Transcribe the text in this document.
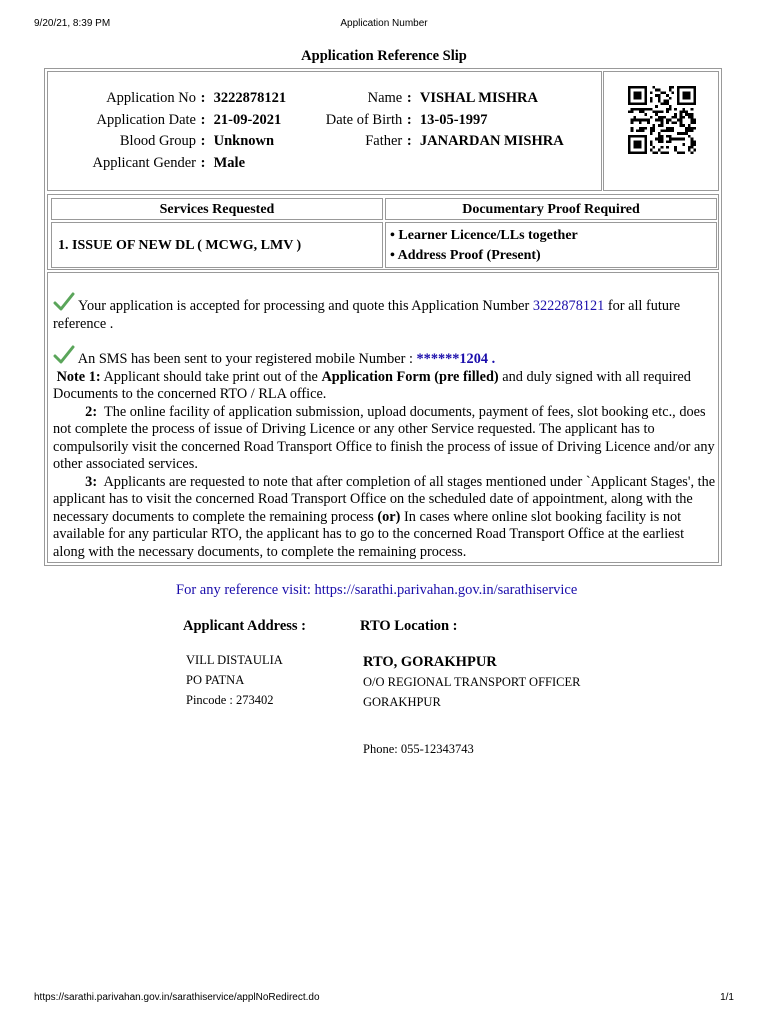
9/20/21, 8:39 PM	Application Number
Application Reference Slip
Application No : 3222878121	Name : VISHAL MISHRA
Application Date : 21-09-2021	Date of Birth : 13-05-1997
Blood Group : Unknown	Father : JANARDAN MISHRA
Applicant Gender : Male
Services Requested	Documentary Proof Required
1. ISSUE OF NEW DL ( MCWG, LMV )
• Learner Licence/LLs together
• Address Proof (Present)
Your application is accepted for processing and quote this Application Number 3222878121 for all future reference .
An SMS has been sent to your registered mobile Number : ******1204 .
Note 1: Applicant should take print out of the Application Form (pre filled) and duly signed with all required Documents to the concerned RTO / RLA office.
2: The online facility of application submission, upload documents, payment of fees, slot booking etc., does not complete the process of issue of Driving Licence or any other Service requested. The applicant has to compulsorily visit the concerned Road Transport Office to finish the process of issue of Driving Licence and/or any other associated services.
3: Applicants are requested to note that after completion of all stages mentioned under `Applicant Stages', the applicant has to visit the concerned Road Transport Office on the scheduled date of appointment, along with the necessary documents to complete the remaining process (or) In cases where online slot booking facility is not available for any particular RTO, the applicant has to go to the concerned Road Transport Office at the earliest along with the necessary documents, to complete the remaining process.
For any reference visit: https://sarathi.parivahan.gov.in/sarathiservice
Applicant Address :	RTO Location :
VILL DISTAULIA
PO PATNA
Pincode : 273402
RTO, GORAKHPUR
O/O REGIONAL TRANSPORT OFFICER
GORAKHPUR
Phone: 055-12343743
https://sarathi.parivahan.gov.in/sarathiservice/applNoRedirect.do	1/1
